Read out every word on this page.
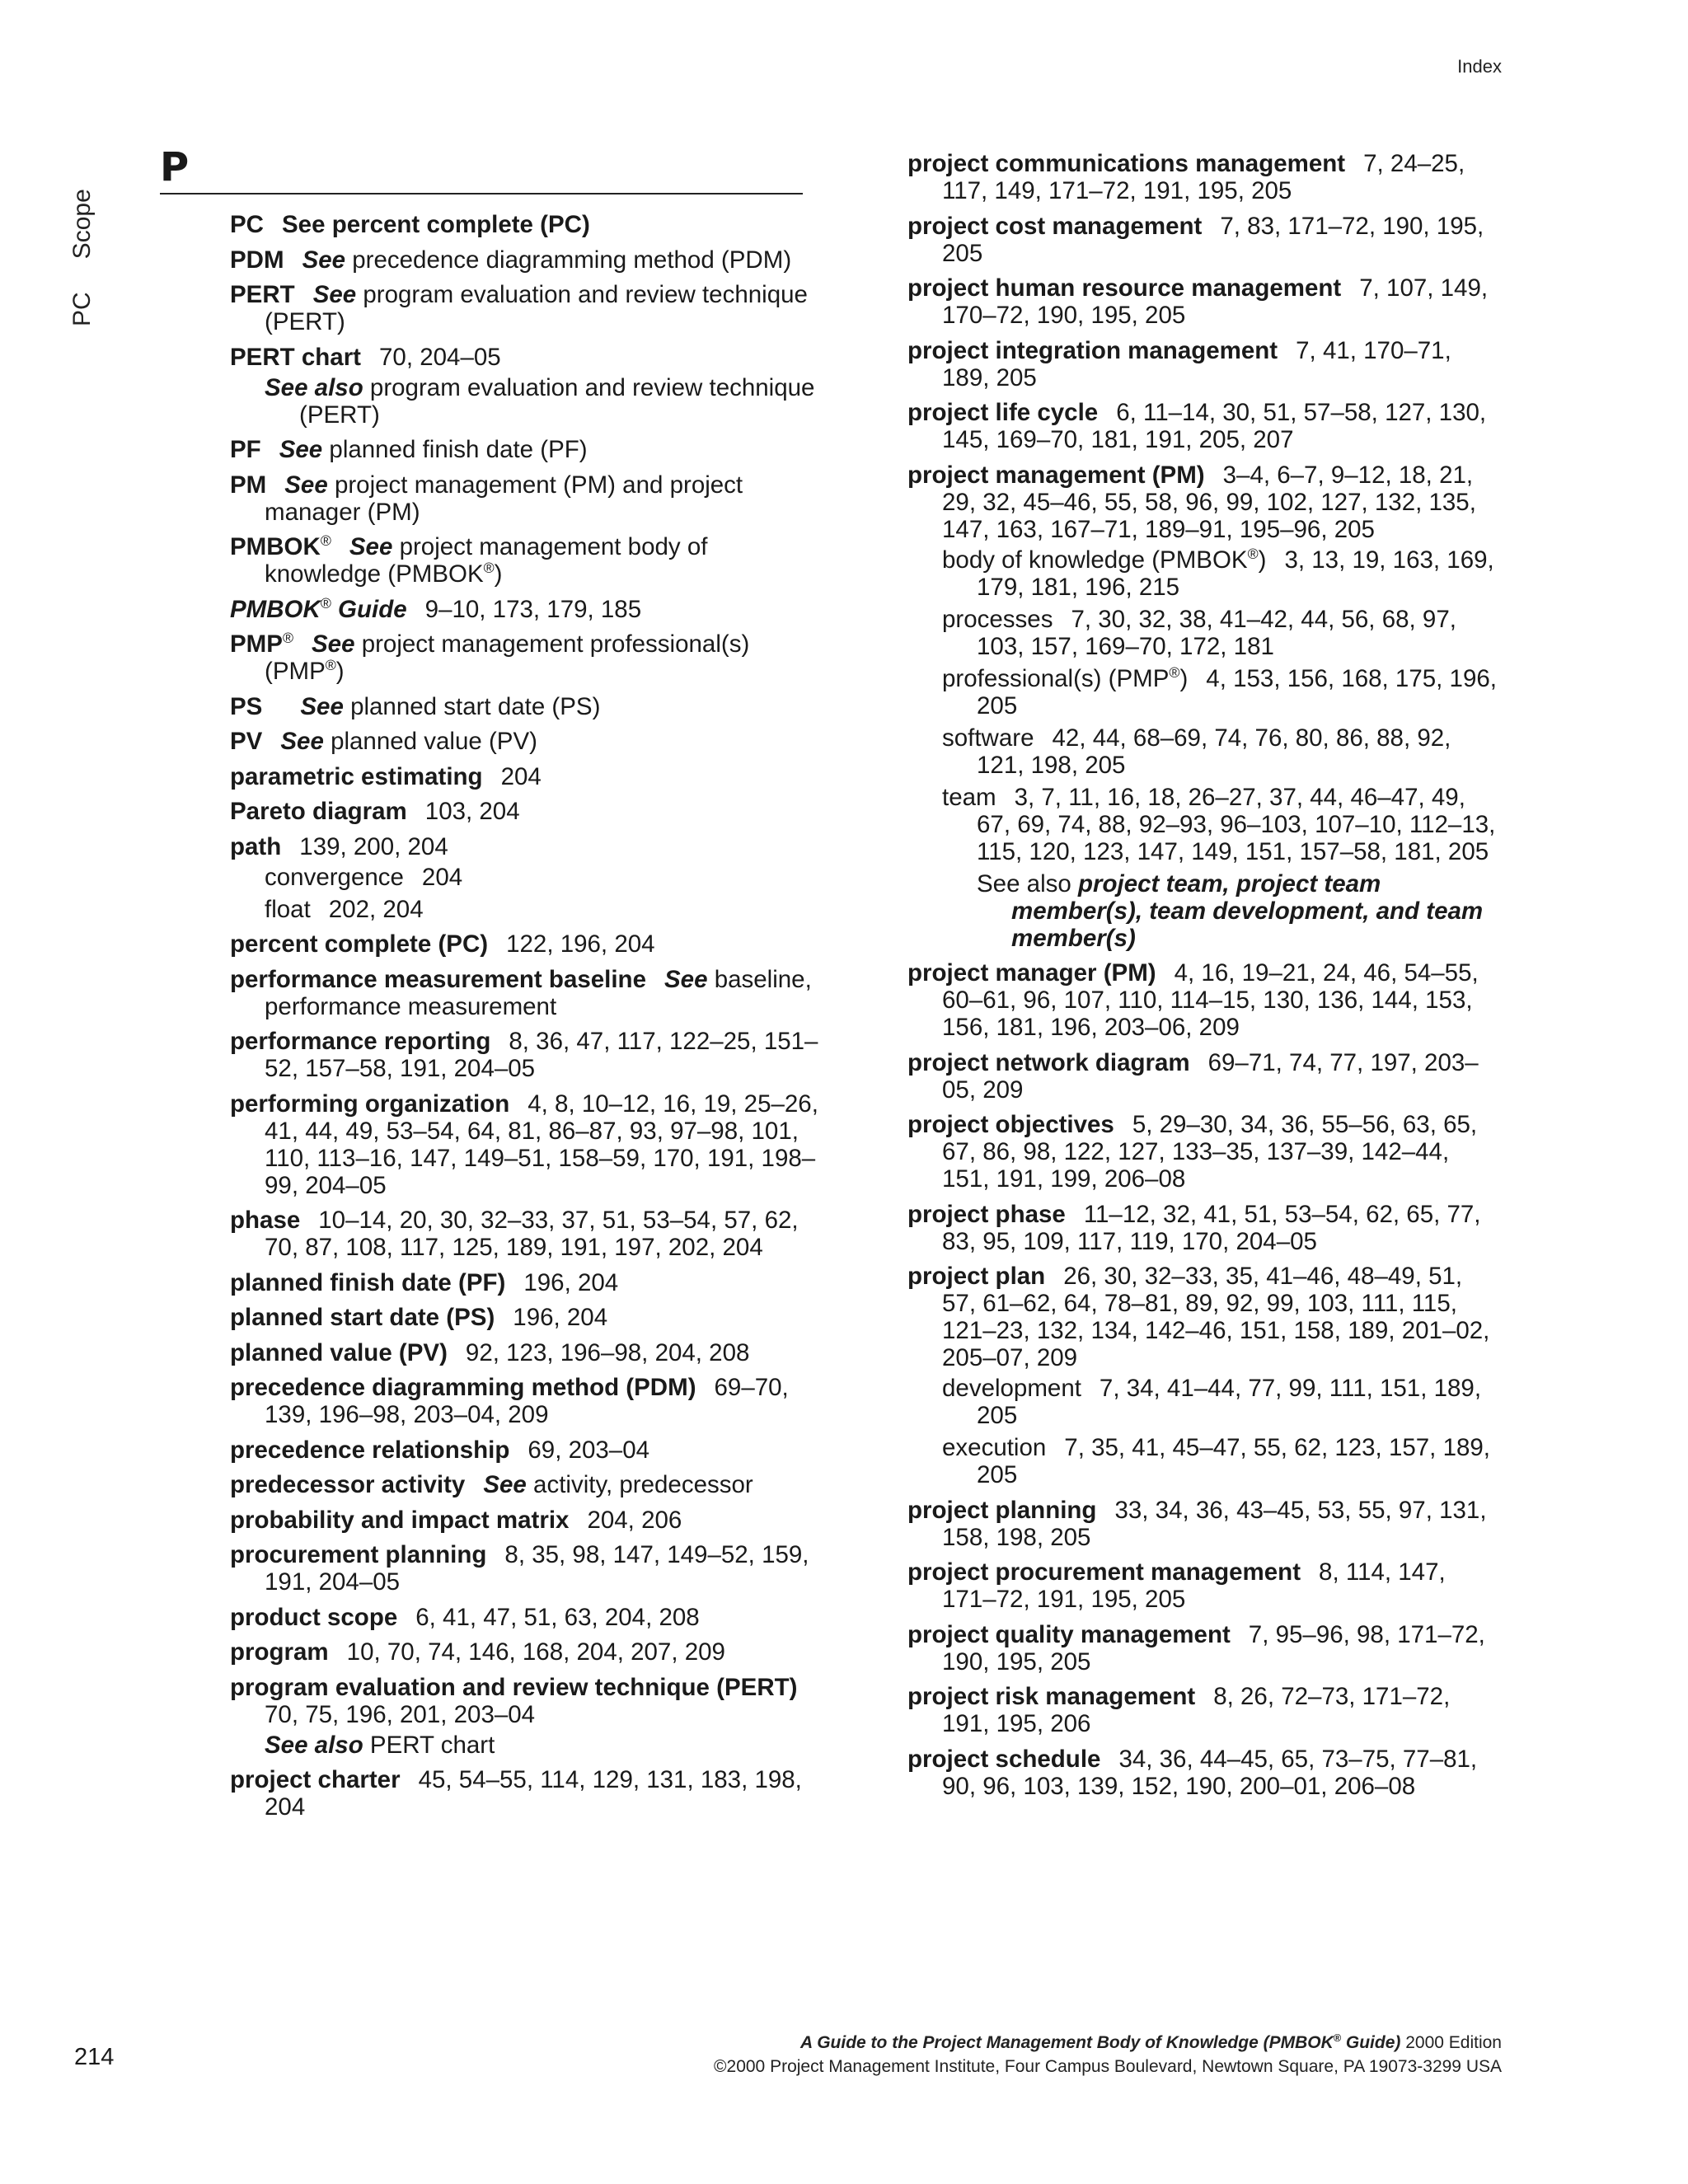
Index
PC
Scope
P
PC See percent complete (PC)
PDM See precedence diagramming method (PDM)
PERT See program evaluation and review technique (PERT)
PERT chart 70, 204–05
See also program evaluation and review technique (PERT)
PF See planned finish date (PF)
PM See project management (PM) and project manager (PM)
PMBOK® See project management body of knowledge (PMBOK®)
PMBOK® Guide 9–10, 173, 179, 185
PMP® See project management professional(s) (PMP®)
PS See planned start date (PS)
PV See planned value (PV)
parametric estimating 204
Pareto diagram 103, 204
path 139, 200, 204
convergence 204
float 202, 204
percent complete (PC) 122, 196, 204
performance measurement baseline See baseline, performance measurement
performance reporting 8, 36, 47, 117, 122–25, 151–52, 157–58, 191, 204–05
performing organization 4, 8, 10–12, 16, 19, 25–26, 41, 44, 49, 53–54, 64, 81, 86–87, 93, 97–98, 101, 110, 113–16, 147, 149–51, 158–59, 170, 191, 198–99, 204–05
phase 10–14, 20, 30, 32–33, 37, 51, 53–54, 57, 62, 70, 87, 108, 117, 125, 189, 191, 197, 202, 204
planned finish date (PF) 196, 204
planned start date (PS) 196, 204
planned value (PV) 92, 123, 196–98, 204, 208
precedence diagramming method (PDM) 69–70, 139, 196–98, 203–04, 209
precedence relationship 69, 203–04
predecessor activity See activity, predecessor
probability and impact matrix 204, 206
procurement planning 8, 35, 98, 147, 149–52, 159, 191, 204–05
product scope 6, 41, 47, 51, 63, 204, 208
program 10, 70, 74, 146, 168, 204, 207, 209
program evaluation and review technique (PERT)70, 75, 196, 201, 203–04
See also PERT chart
project charter 45, 54–55, 114, 129, 131, 183, 198, 204
project communications management 7, 24–25, 117, 149, 171–72, 191, 195, 205
project cost management 7, 83, 171–72, 190, 195, 205
project human resource management 7, 107, 149, 170–72, 190, 195, 205
project integration management 7, 41, 170–71, 189, 205
project life cycle 6, 11–14, 30, 51, 57–58, 127, 130, 145, 169–70, 181, 191, 205, 207
project management (PM) 3–4, 6–7, 9–12, 18, 21, 29, 32, 45–46, 55, 58, 96, 99, 102, 127, 132, 135, 147, 163, 167–71, 189–91, 195–96, 205
body of knowledge (PMBOK®) 3, 13, 19, 163, 169, 179, 181, 196, 215
processes 7, 30, 32, 38, 41–42, 44, 56, 68, 97, 103, 157, 169–70, 172, 181
professional(s) (PMP®) 4, 153, 156, 168, 175, 196, 205
software 42, 44, 68–69, 74, 76, 80, 86, 88, 92, 121, 198, 205
team 3, 7, 11, 16, 18, 26–27, 37, 44, 46–47, 49, 67, 69, 74, 88, 92–93, 96–103, 107–10, 112–13, 115, 120, 123, 147, 149, 151, 157–58, 181, 205
See also project team, project team member(s), team development, and team member(s)
project manager (PM) 4, 16, 19–21, 24, 46, 54–55, 60–61, 96, 107, 110, 114–15, 130, 136, 144, 153, 156, 181, 196, 203–06, 209
project network diagram 69–71, 74, 77, 197, 203–05, 209
project objectives 5, 29–30, 34, 36, 55–56, 63, 65, 67, 86, 98, 122, 127, 133–35, 137–39, 142–44, 151, 191, 199, 206–08
project phase 11–12, 32, 41, 51, 53–54, 62, 65, 77, 83, 95, 109, 117, 119, 170, 204–05
project plan 26, 30, 32–33, 35, 41–46, 48–49, 51, 57, 61–62, 64, 78–81, 89, 92, 99, 103, 111, 115, 121–23, 132, 134, 142–46, 151, 158, 189, 201–02, 205–07, 209
development 7, 34, 41–44, 77, 99, 111, 151, 189, 205
execution 7, 35, 41, 45–47, 55, 62, 123, 157, 189, 205
project planning 33, 34, 36, 43–45, 53, 55, 97, 131, 158, 198, 205
project procurement management 8, 114, 147, 171–72, 191, 195, 205
project quality management 7, 95–96, 98, 171–72, 190, 195, 205
project risk management 8, 26, 72–73, 171–72, 191, 195, 206
project schedule 34, 36, 44–45, 65, 73–75, 77–81, 90, 96, 103, 139, 152, 190, 200–01, 206–08
214
A Guide to the Project Management Body of Knowledge (PMBOK® Guide) 2000 Edition
©2000 Project Management Institute, Four Campus Boulevard, Newtown Square, PA 19073-3299 USA
